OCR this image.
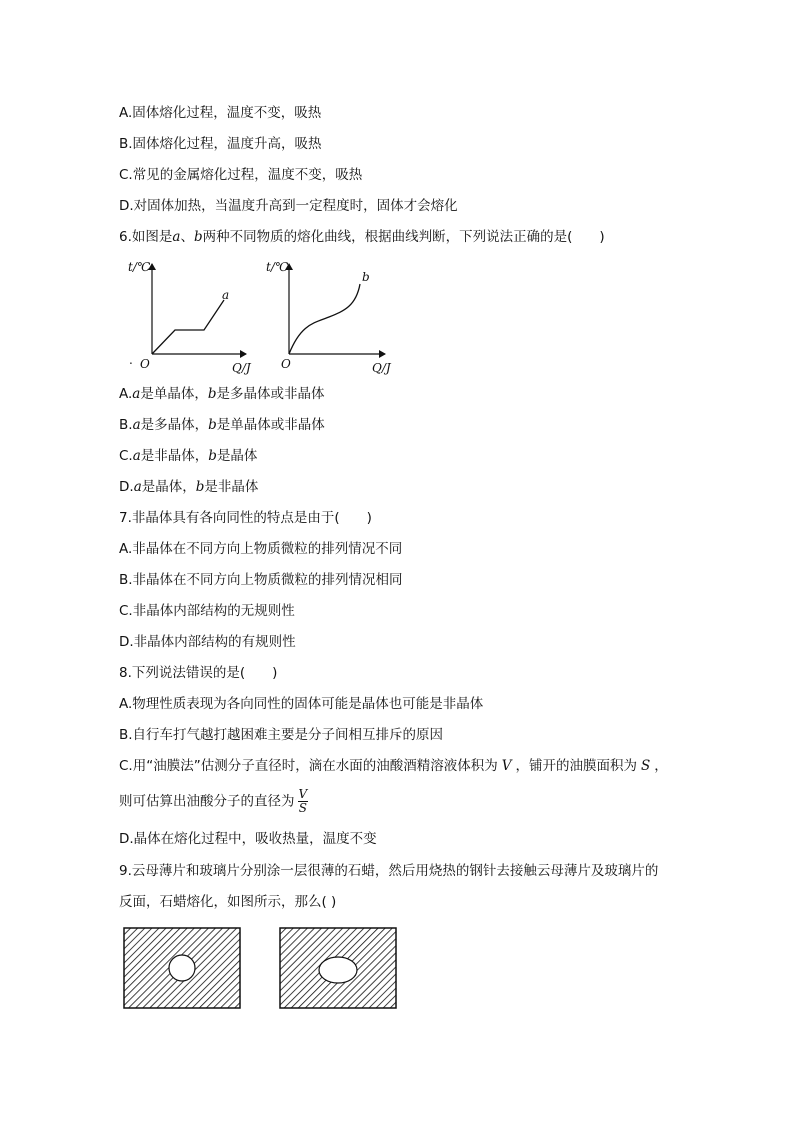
A.固体熔化过程，温度不变，吸热
B.固体熔化过程，温度升高，吸热
C.常见的金属熔化过程，温度不变，吸热
D.对固体加热，当温度升高到一定程度时，固体才会熔化
6.如图是a、b两种不同物质的熔化曲线，根据曲线判断，下列说法正确的是(　　)
t/℃
Q/J
O
.
a
t/℃
Q/J
O
b
A.a是单晶体，b是多晶体或非晶体
B.a是多晶体，b是单晶体或非晶体
C.a是非晶体，b是晶体
D.a是晶体，b是非晶体
7.非晶体具有各向同性的特点是由于(　　)
A.非晶体在不同方向上物质微粒的排列情况不同
B.非晶体在不同方向上物质微粒的排列情况相同
C.非晶体内部结构的无规则性
D.非晶体内部结构的有规则性
8.下列说法错误的是(　　)
A.物理性质表现为各向同性的固体可能是晶体也可能是非晶体
B.自行车打气越打越困难主要是分子间相互排斥的原因
C.用“油膜法”估测分子直径时，滴在水面的油酸酒精溶液体积为 V ，铺开的油膜面积为 S ，
则可估算出油酸分子的直径为 $\frac{V}{S}$
D.晶体在熔化过程中，吸收热量，温度不变
9.云母薄片和玻璃片分别涂一层很薄的石蜡，然后用烧热的钢针去接触云母薄片及玻璃片的
反面，石蜡熔化，如图所示，那么( )
